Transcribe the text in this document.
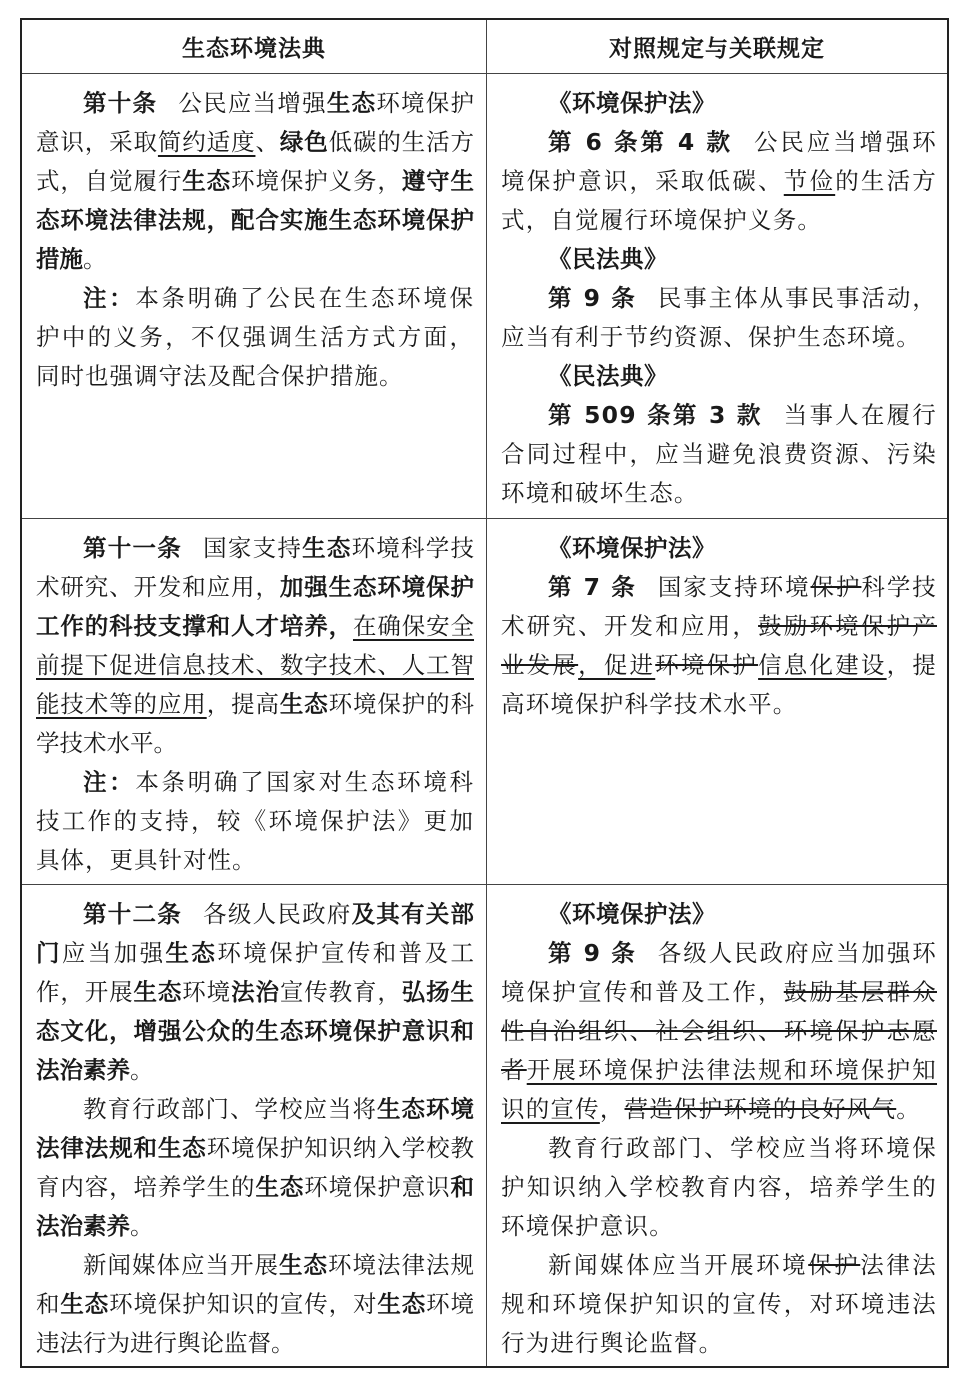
生态环境法典	对照规定与关联规定

第十条 公民应当增强生态环境保护意识，采取简约适度、绿色低碳的生活方式，自觉履行生态环境保护义务，遵守生态环境法律法规，配合实施生态环境保护措施。

注：本条明确了公民在生态环境保护中的义务，不仅强调生活方式方面，同时也强调守法及配合保护措施。

《环境保护法》

第 6 条第 4 款 公民应当增强环境保护意识，采取低碳、节俭的生活方式，自觉履行环境保护义务。

《民法典》

第 9 条 民事主体从事民事活动，应当有利于节约资源、保护生态环境。

《民法典》

第 509 条第 3 款 当事人在履行合同过程中，应当避免浪费资源、污染环境和破坏生态。

第十一条 国家支持生态环境科学技术研究、开发和应用，加强生态环境保护工作的科技支撑和人才培养，在确保安全前提下促进信息技术、数字技术、人工智能技术等的应用，提高生态环境保护的科学技术水平。

注：本条明确了国家对生态环境科技工作的支持，较《环境保护法》更加具体，更具针对性。

《环境保护法》

第 7 条 国家支持环境保护科学技术研究、开发和应用，鼓励环境保护产业发展，促进环境保护信息化建设，提高环境保护科学技术水平。

第十二条 各级人民政府及其有关部门应当加强生态环境保护宣传和普及工作，开展生态环境法治宣传教育，弘扬生态文化，增强公众的生态环境保护意识和法治素养。

教育行政部门、学校应当将生态环境法律法规和生态环境保护知识纳入学校教育内容，培养学生的生态环境保护意识和法治素养。

新闻媒体应当开展生态环境法律法规和生态环境保护知识的宣传，对生态环境违法行为进行舆论监督。

《环境保护法》

第 9 条 各级人民政府应当加强环境保护宣传和普及工作，鼓励基层群众性自治组织、社会组织、环境保护志愿者开展环境保护法律法规和环境保护知识的宣传，营造保护环境的良好风气。

教育行政部门、学校应当将环境保护知识纳入学校教育内容，培养学生的环境保护意识。

新闻媒体应当开展环境保护法律法规和环境保护知识的宣传，对环境违法行为进行舆论监督。
